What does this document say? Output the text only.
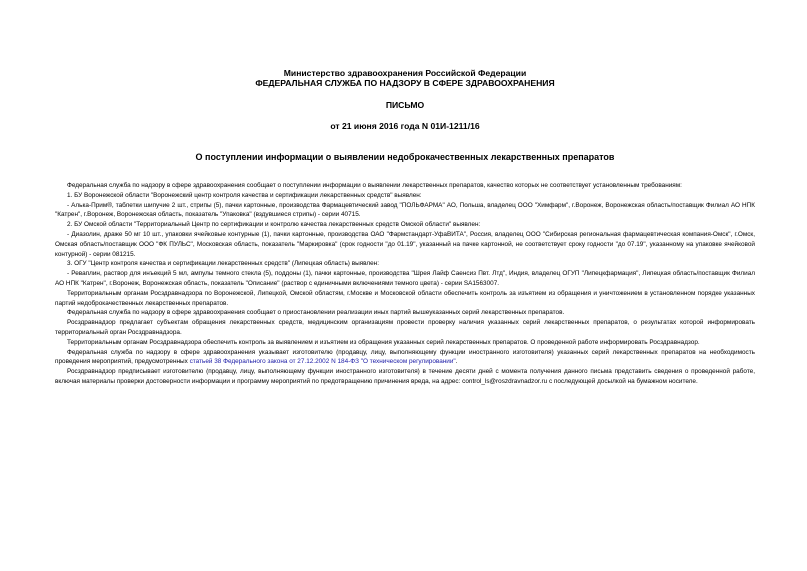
Министерство здравоохранения Российской Федерации
ФЕДЕРАЛЬНАЯ СЛУЖБА ПО НАДЗОРУ В СФЕРЕ ЗДРАВООХРАНЕНИЯ
ПИСЬМО
от 21 июня 2016 года N 01И-1211/16
О поступлении информации о выявлении недоброкачественных лекарственных препаратов

Федеральная служба по надзору в сфере здравоохранения сообщает о поступлении информации о выявлении лекарственных препаратов, качество которых не соответствует установленным требованиям:

1. БУ Воронежской области "Воронежский центр контроля качества и сертификации лекарственных средств" выявлен:

- Алька-Прим®, таблетки шипучие 2 шт., стрипы (5), пачки картонные, производства Фармацевтический завод "ПОЛЬФАРМА" АО, Польша, владелец ООО "Химфарм", г.Воронеж, Воронежская область/поставщик Филиал АО НПК "Катрен", г.Воронеж, Воронежская область, показатель "Упаковка" (вздувшиеся стрипы) - серии 40715.

2. БУ Омской области "Территориальный Центр по сертификации и контролю качества лекарственных средств Омской области" выявлен:

- Диазолин, драже 50 мг 10 шт., упаковки ячейковые контурные (1), пачки картонные, производства ОАО "Фармстандарт-УфаВИТА", Россия, владелец ООО "Сибирская региональная фармацевтическая компания-Омск", г.Омск, Омская область/поставщик ООО "ФК ПУЛЬС", Московская область, показатель "Маркировка" (срок годности "до 01.19", указанный на пачке картонной, не соответствует сроку годности "до 07.19", указанному на упаковке ячейковой контурной) - серии 081215.

3. ОГУ "Центр контроля качества и сертификации лекарственных средств" (Липецкая область) выявлен:

- Реваплин, раствор для инъекций 5 мл, ампулы темного стекла (5), поддоны (1), пачки картонные, производства "Шрея Лайф Саенсиз Пвт. Лтд", Индия, владелец ОГУП "Липецкфармация", Липецкая область/поставщик Филиал АО НПК "Катрен", г.Воронеж, Воронежская область, показатель "Описание" (раствор с единичными включениями темного цвета) - серии SA1563007.

Территориальным органам Росздравнадзора по Воронежской, Липецкой, Омской областям, г.Москве и Московской области обеспечить контроль за изъятием из обращения и уничтожением в установленном порядке указанных партий недоброкачественных лекарственных препаратов.

Федеральная служба по надзору в сфере здравоохранения сообщает о приостановлении реализации иных партий вышеуказанных серий лекарственных препаратов.

Росздравнадзор предлагает субъектам обращения лекарственных средств, медицинским организациям провести проверку наличия указанных серий лекарственных препаратов, о результатах которой информировать территориальный орган Росздравнадзора.

Территориальным органам Росздравнадзора обеспечить контроль за выявлением и изъятием из обращения указанных серий лекарственных препаратов. О проведенной работе информировать Росздравнадзор.

Федеральная служба по надзору в сфере здравоохранения указывает изготовителю (продавцу, лицу, выполняющему функции иностранного изготовителя) указанных серий лекарственных препаратов на необходимость проведения мероприятий, предусмотренных статьей 38 Федерального закона от 27.12.2002 N 184-ФЗ "О техническом регулировании".

Росздравнадзор предписывает изготовителю (продавцу, лицу, выполняющему функции иностранного изготовителя) в течение десяти дней с момента получения данного письма представить сведения о проведенной работе, включая материалы проверки достоверности информации и программу мероприятий по предотвращению причинения вреда, на адрес: control_ls@roszdravnadzor.ru с последующей досылкой на бумажном носителе.
